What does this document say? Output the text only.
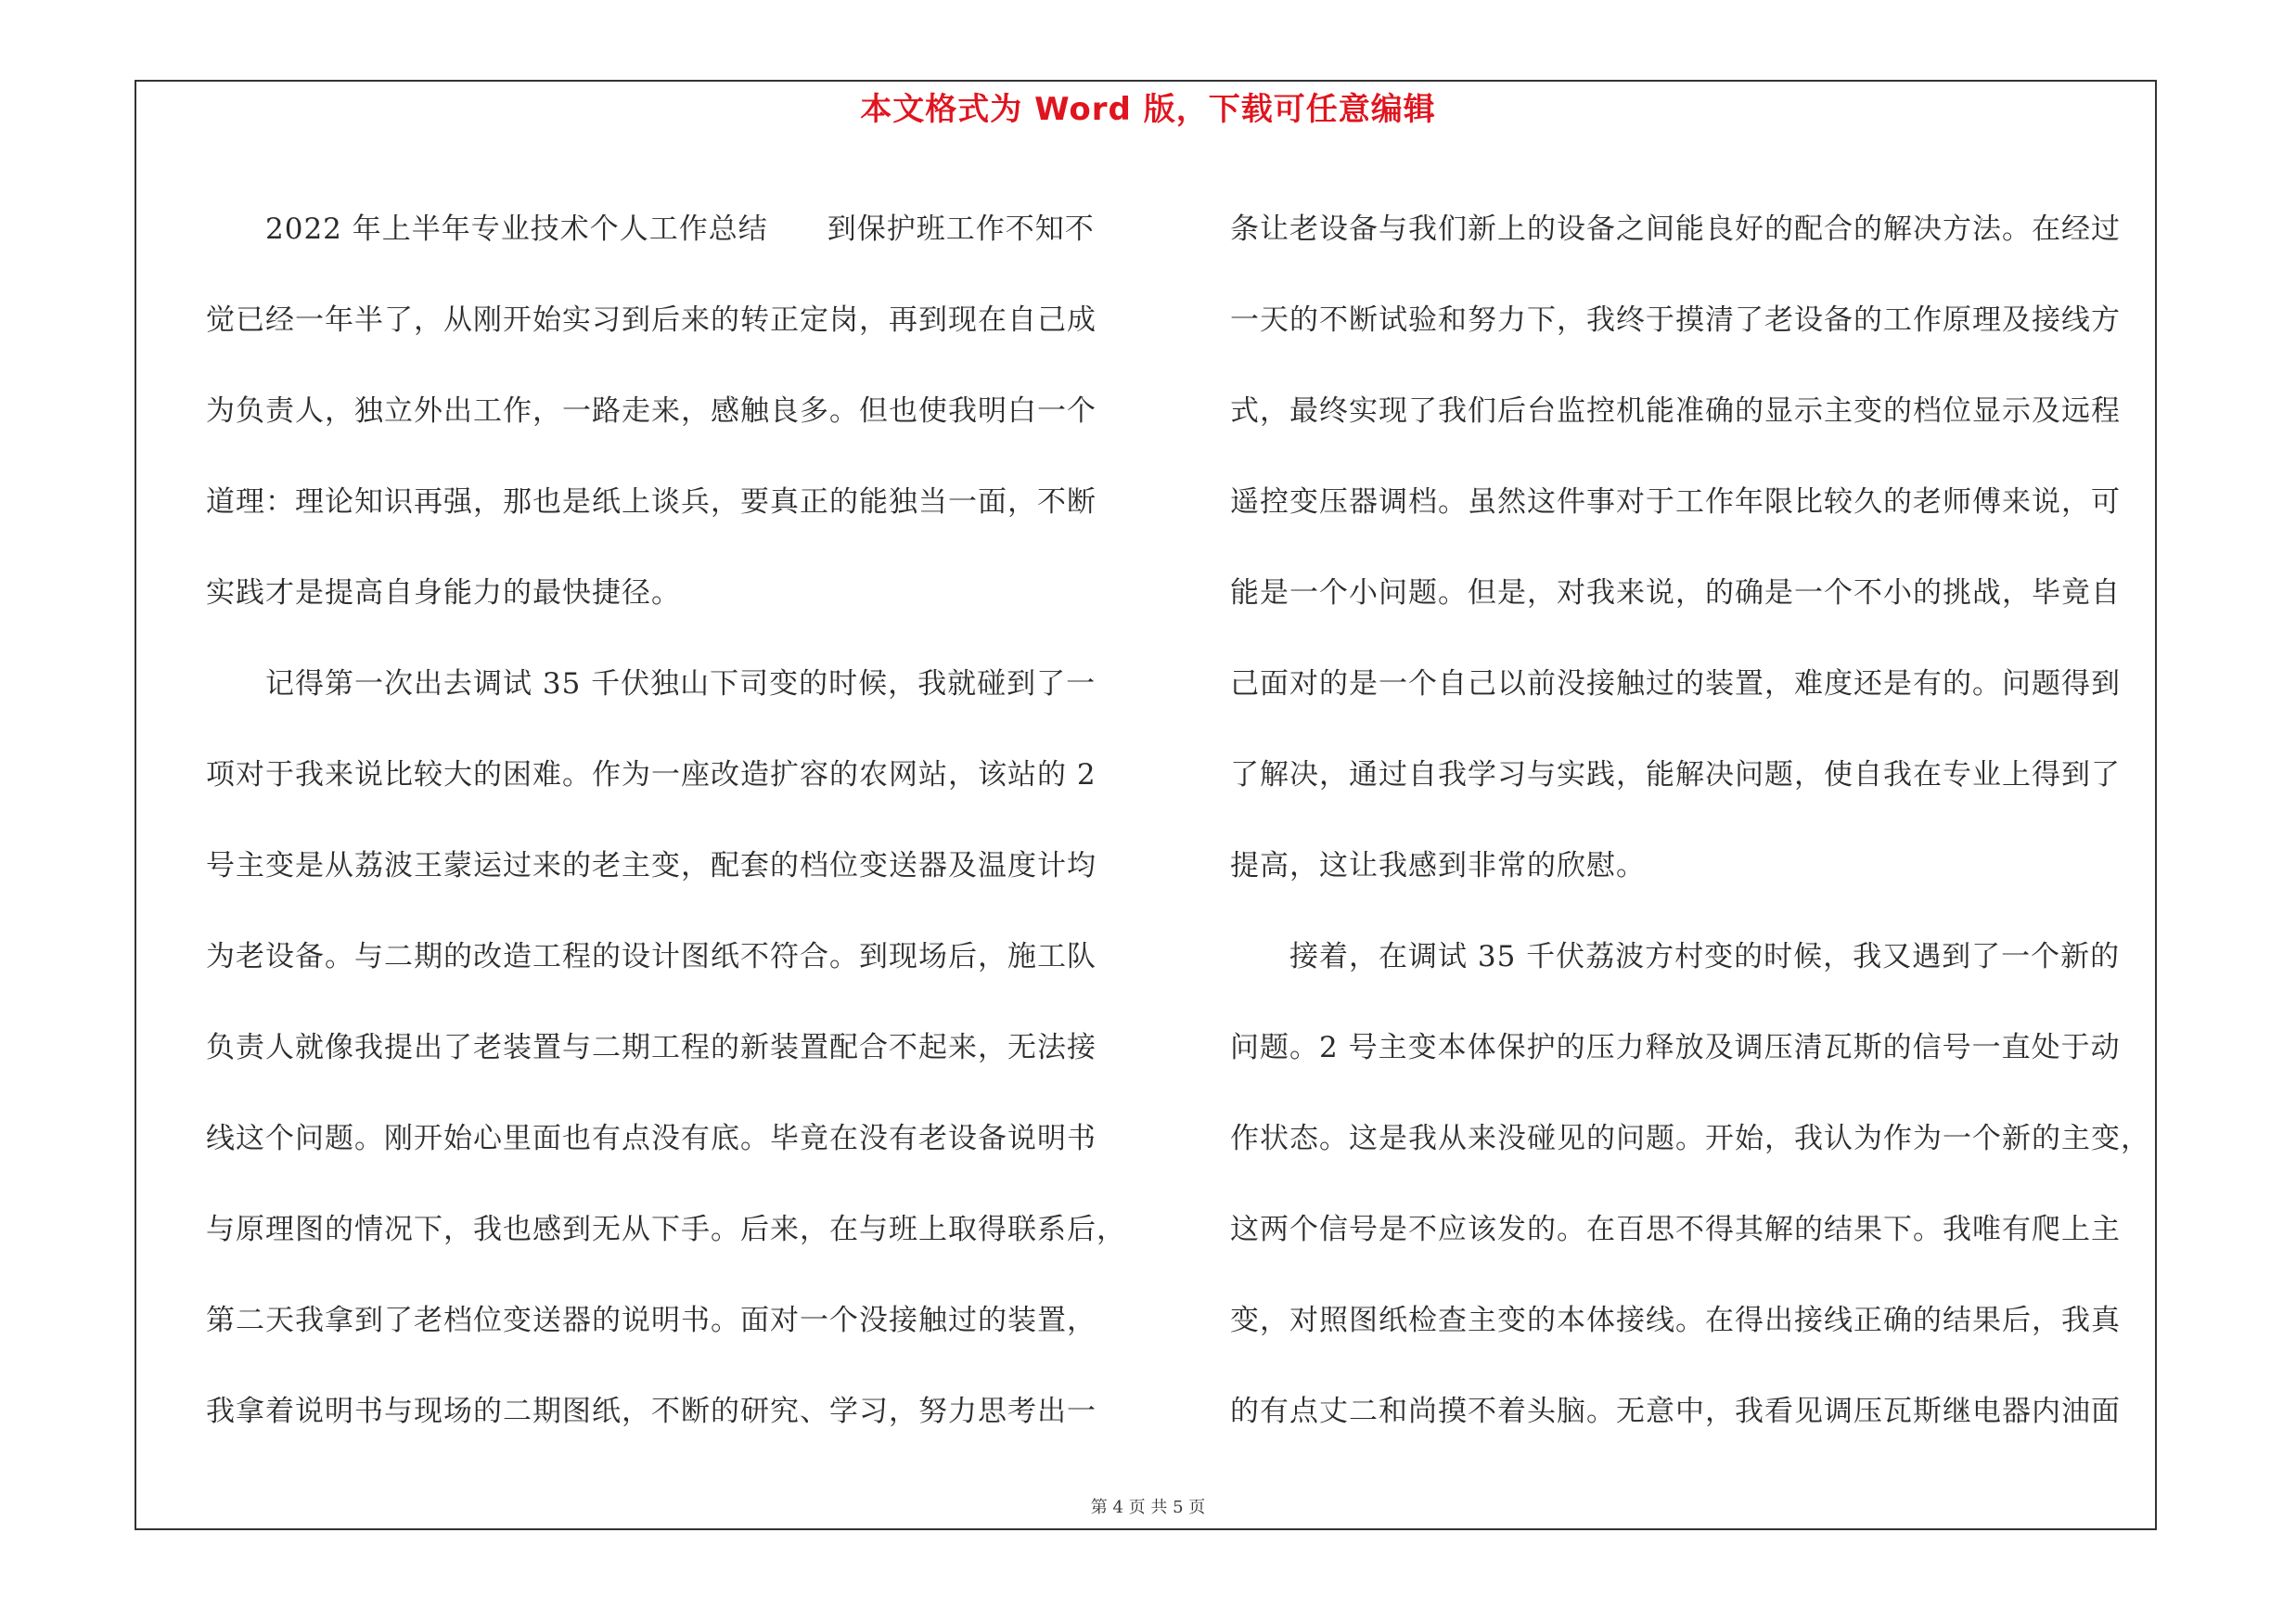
本文格式为 Word 版，下载可任意编辑
　　2022 年上半年专业技术个人工作总结　　到保护班工作不知不
觉已经一年半了，从刚开始实习到后来的转正定岗，再到现在自己成
为负责人，独立外出工作，一路走来，感触良多。但也使我明白一个
道理：理论知识再强，那也是纸上谈兵，要真正的能独当一面，不断
实践才是提高自身能力的最快捷径。
　　记得第一次出去调试 35 千伏独山下司变的时候，我就碰到了一
项对于我来说比较大的困难。作为一座改造扩容的农网站，该站的 2
号主变是从荔波王蒙运过来的老主变，配套的档位变送器及温度计均
为老设备。与二期的改造工程的设计图纸不符合。到现场后，施工队
负责人就像我提出了老装置与二期工程的新装置配合不起来，无法接
线这个问题。刚开始心里面也有点没有底。毕竟在没有老设备说明书
与原理图的情况下，我也感到无从下手。后来，在与班上取得联系后，
第二天我拿到了老档位变送器的说明书。面对一个没接触过的装置，
我拿着说明书与现场的二期图纸，不断的研究、学习，努力思考出一
条让老设备与我们新上的设备之间能良好的配合的解决方法。在经过
一天的不断试验和努力下，我终于摸清了老设备的工作原理及接线方
式，最终实现了我们后台监控机能准确的显示主变的档位显示及远程
遥控变压器调档。虽然这件事对于工作年限比较久的老师傅来说，可
能是一个小问题。但是，对我来说，的确是一个不小的挑战，毕竟自
己面对的是一个自己以前没接触过的装置，难度还是有的。问题得到
了解决，通过自我学习与实践，能解决问题，使自我在专业上得到了
提高，这让我感到非常的欣慰。
　　接着，在调试 35 千伏荔波方村变的时候，我又遇到了一个新的
问题。2 号主变本体保护的压力释放及调压清瓦斯的信号一直处于动
作状态。这是我从来没碰见的问题。开始，我认为作为一个新的主变，
这两个信号是不应该发的。在百思不得其解的结果下。我唯有爬上主
变，对照图纸检查主变的本体接线。在得出接线正确的结果后，我真
的有点丈二和尚摸不着头脑。无意中，我看见调压瓦斯继电器内油面
第 4 页 共 5 页
